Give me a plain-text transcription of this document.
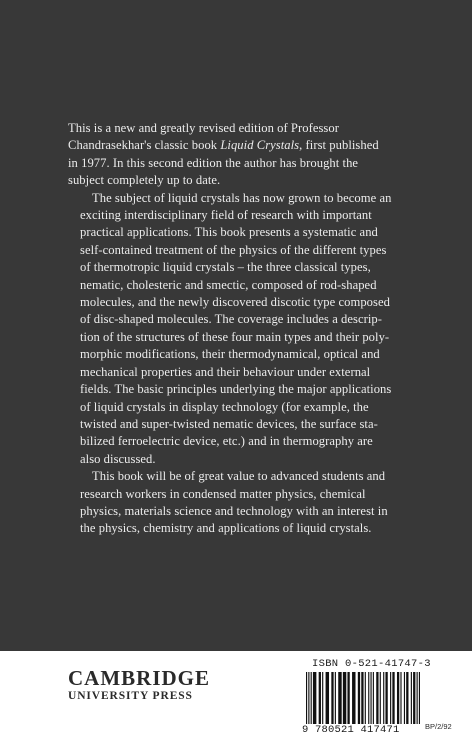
This is a new and greatly revised edition of Professor
Chandrasekhar's classic book Liquid Crystals, first published
in 1977. In this second edition the author has brought the
subject completely up to date.

The subject of liquid crystals has now grown to become an
exciting interdisciplinary field of research with important
practical applications. This book presents a systematic and
self-contained treatment of the physics of the different types
of thermotropic liquid crystals – the three classical types,
nematic, cholesteric and smectic, composed of rod-shaped
molecules, and the newly discovered discotic type composed
of disc-shaped molecules. The coverage includes a descrip-
tion of the structures of these four main types and their poly-
morphic modifications, their thermodynamical, optical and
mechanical properties and their behaviour under external
fields. The basic principles underlying the major applications
of liquid crystals in display technology (for example, the
twisted and super-twisted nematic devices, the surface sta-
bilized ferroelectric device, etc.) and in thermography are
also discussed.

This book will be of great value to advanced students and
research workers in condensed matter physics, chemical
physics, materials science and technology with an interest in
the physics, chemistry and applications of liquid crystals.

CAMBRIDGE
UNIVERSITY PRESS
ISBN 0-521-41747-3
9 780521 417471	BP/2/92
